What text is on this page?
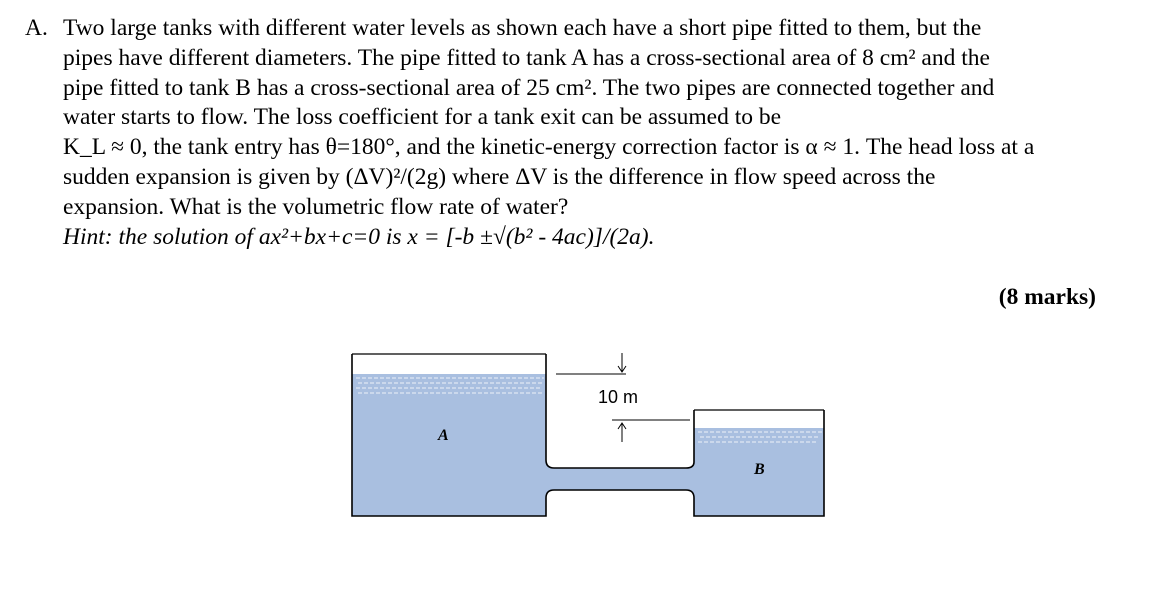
A. Two large tanks with different water levels as shown each have a short pipe fitted to them, but the
pipes have different diameters. The pipe fitted to tank A has a cross-sectional area of 8 cm² and the
pipe fitted to tank B has a cross-sectional area of 25 cm². The two pipes are connected together and
water starts to flow. The loss coefficient for a tank exit can be assumed to be
K_L ≈ 0, the tank entry has θ=180°, and the kinetic-energy correction factor is α ≈ 1. The head loss at a
sudden expansion is given by (ΔV)²/(2g) where ΔV is the difference in flow speed across the
expansion. What is the volumetric flow rate of water?
Hint: the solution of ax²+bx+c=0 is x = [-b ±√(b² - 4ac)]/(2a).
(8 marks)
10 m
A
B
